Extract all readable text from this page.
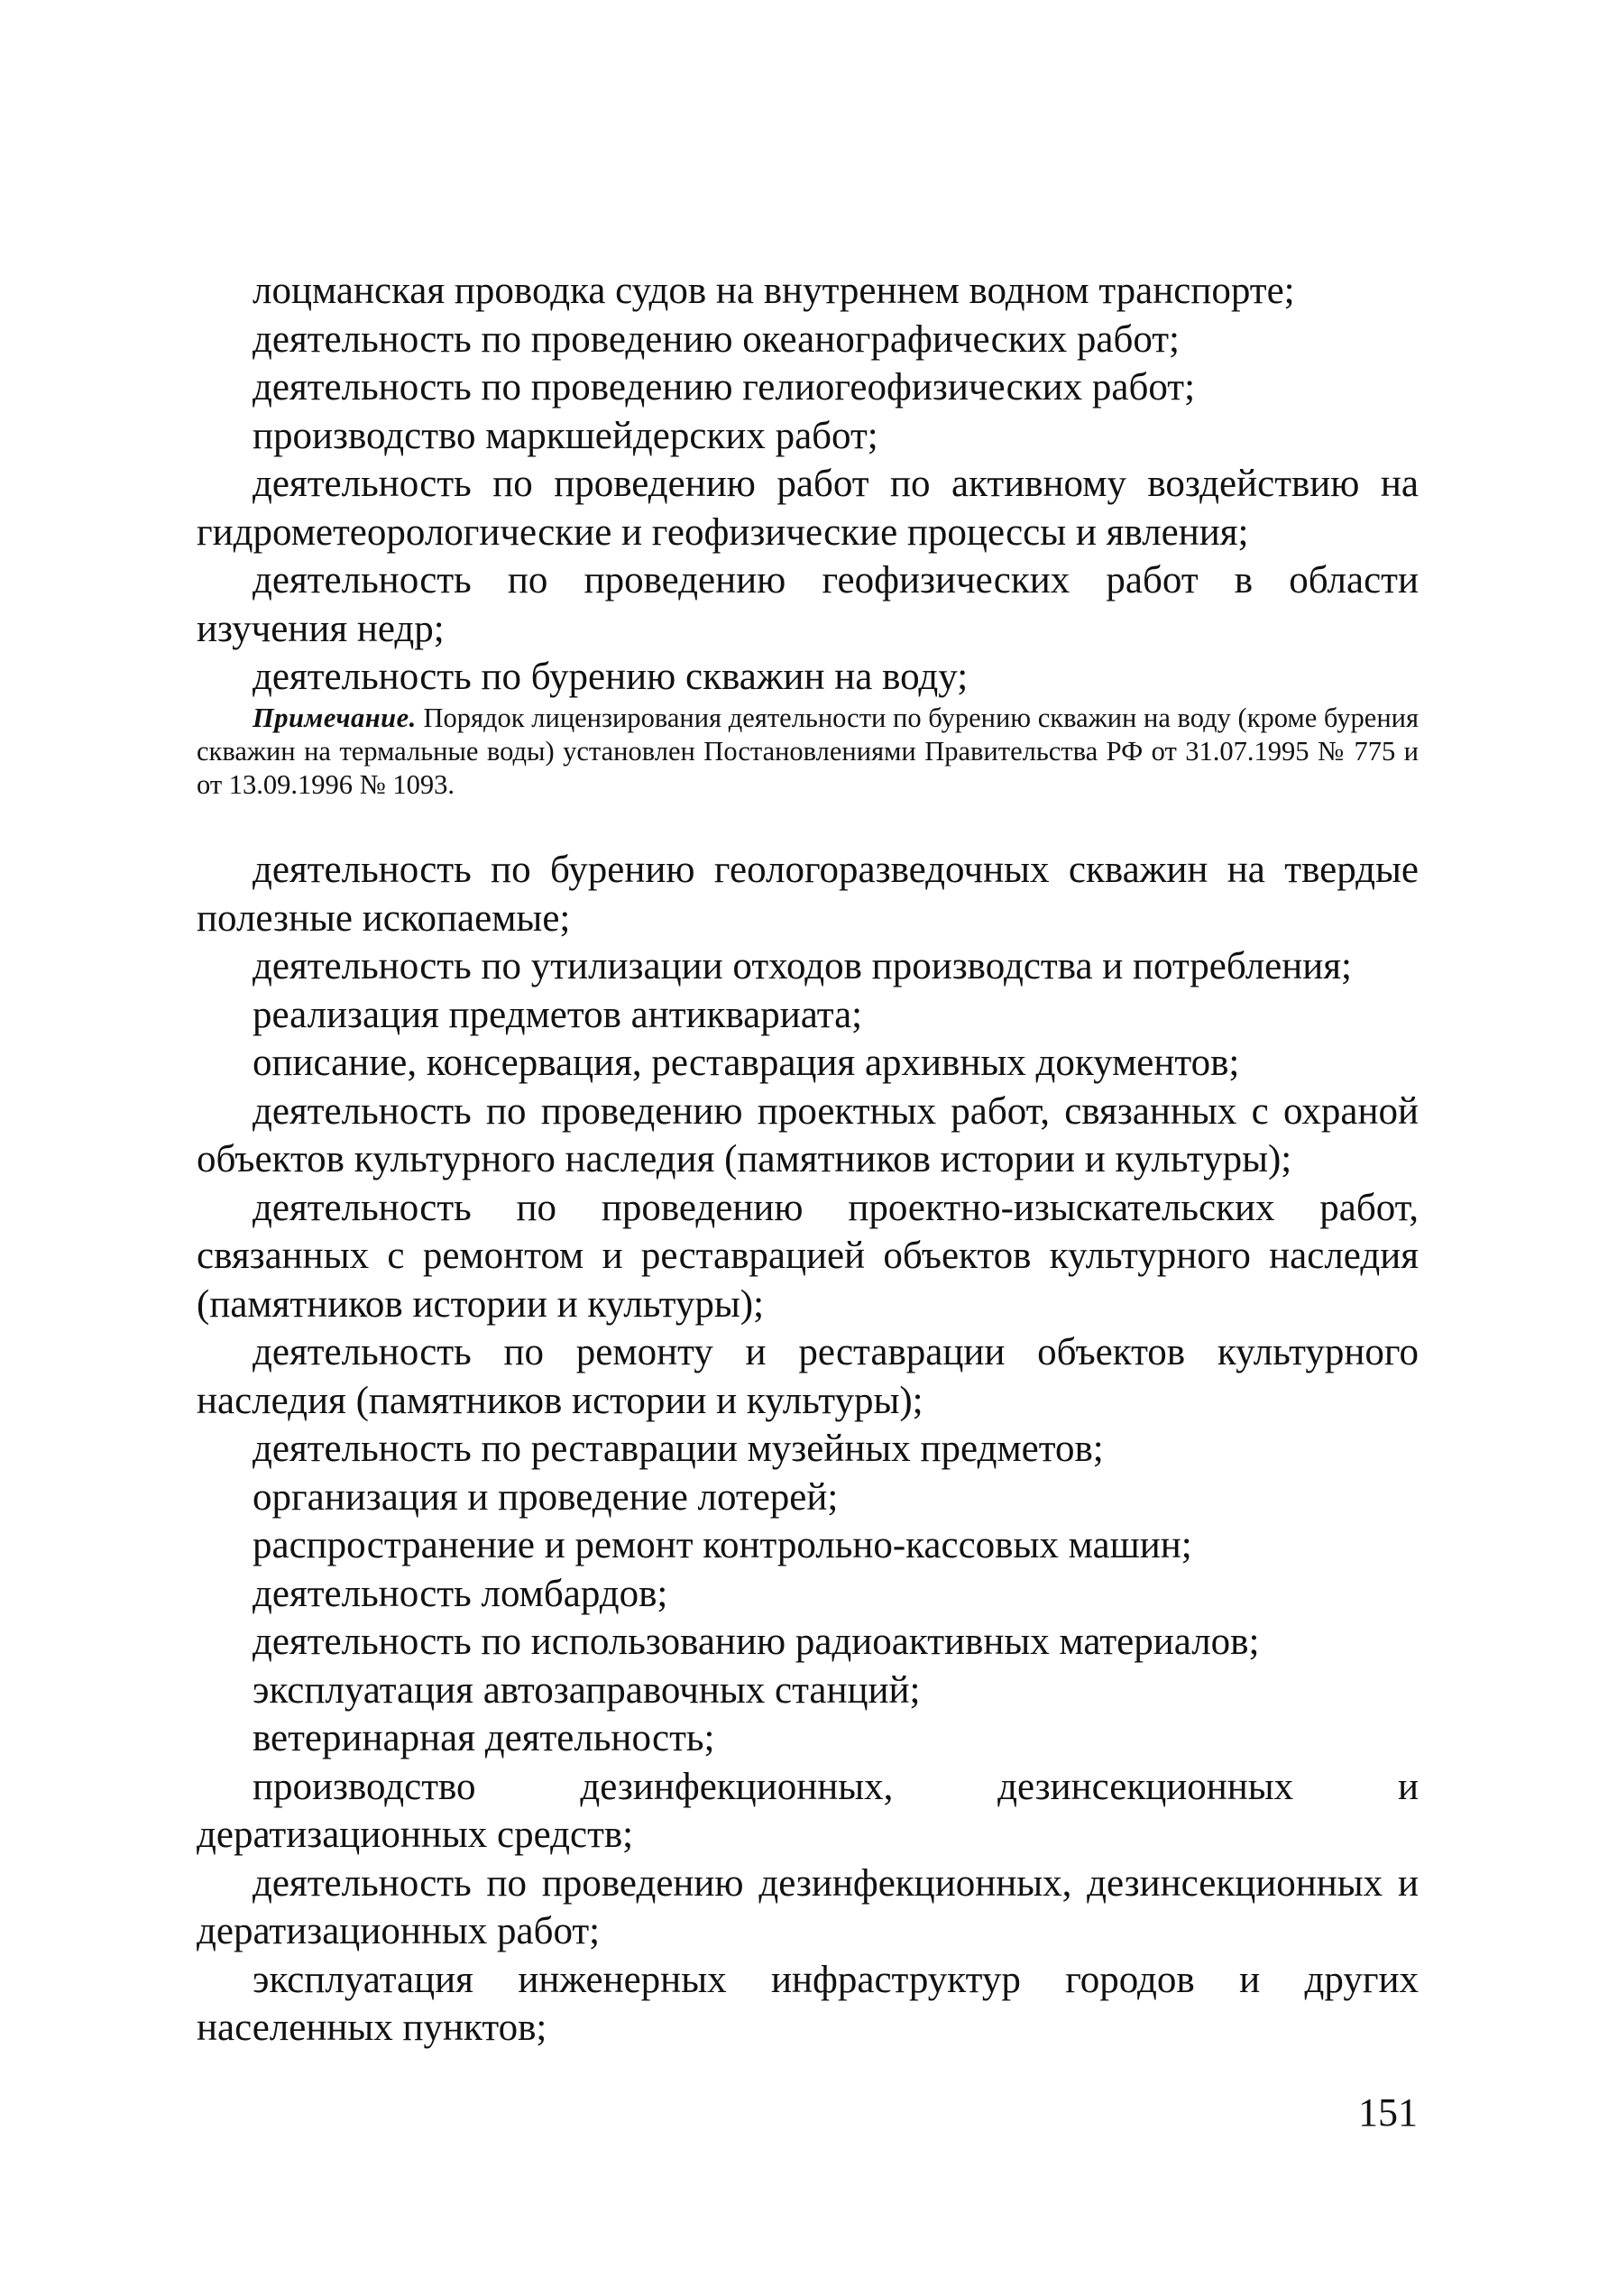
лоцманская проводка судов на внутреннем водном транспорте;

деятельность по проведению океанографических работ;

деятельность по проведению гелиогеофизических работ;

производство маркшейдерских работ;

деятельность по проведению работ по активному воздействию на гидрометеорологические и геофизические процессы и явления;

деятельность по проведению геофизических работ в области изучения недр;

деятельность по бурению скважин на воду;

Примечание. Порядок лицензирования деятельности по бурению скважин на воду (кроме бурения скважин на термальные воды) установлен Постановлениями Правительства РФ от 31.07.1995 № 775 и от 13.09.1996 № 1093.

деятельность по бурению геологоразведочных скважин на твердые полезные ископаемые;

деятельность по утилизации отходов производства и потребления;

реализация предметов антиквариата;

описание, консервация, реставрация архивных документов;

деятельность по проведению проектных работ, связанных с охраной объектов культурного наследия (памятников истории и культуры);

деятельность по проведению проектно-изыскательских работ, связанных с ремонтом и реставрацией объектов культурного наследия (памятников истории и культуры);

деятельность по ремонту и реставрации объектов культурного наследия (памятников истории и культуры);

деятельность по реставрации музейных предметов;

организация и проведение лотерей;

распространение и ремонт контрольно-кассовых машин;

деятельность ломбардов;

деятельность по использованию радиоактивных материалов;

эксплуатация автозаправочных станций;

ветеринарная деятельность;

производство дезинфекционных, дезинсекционных и дератизационных средств;

деятельность по проведению дезинфекционных, дезинсекционных и дератизационных работ;

эксплуатация инженерных инфраструктур городов и других населенных пунктов;

151
